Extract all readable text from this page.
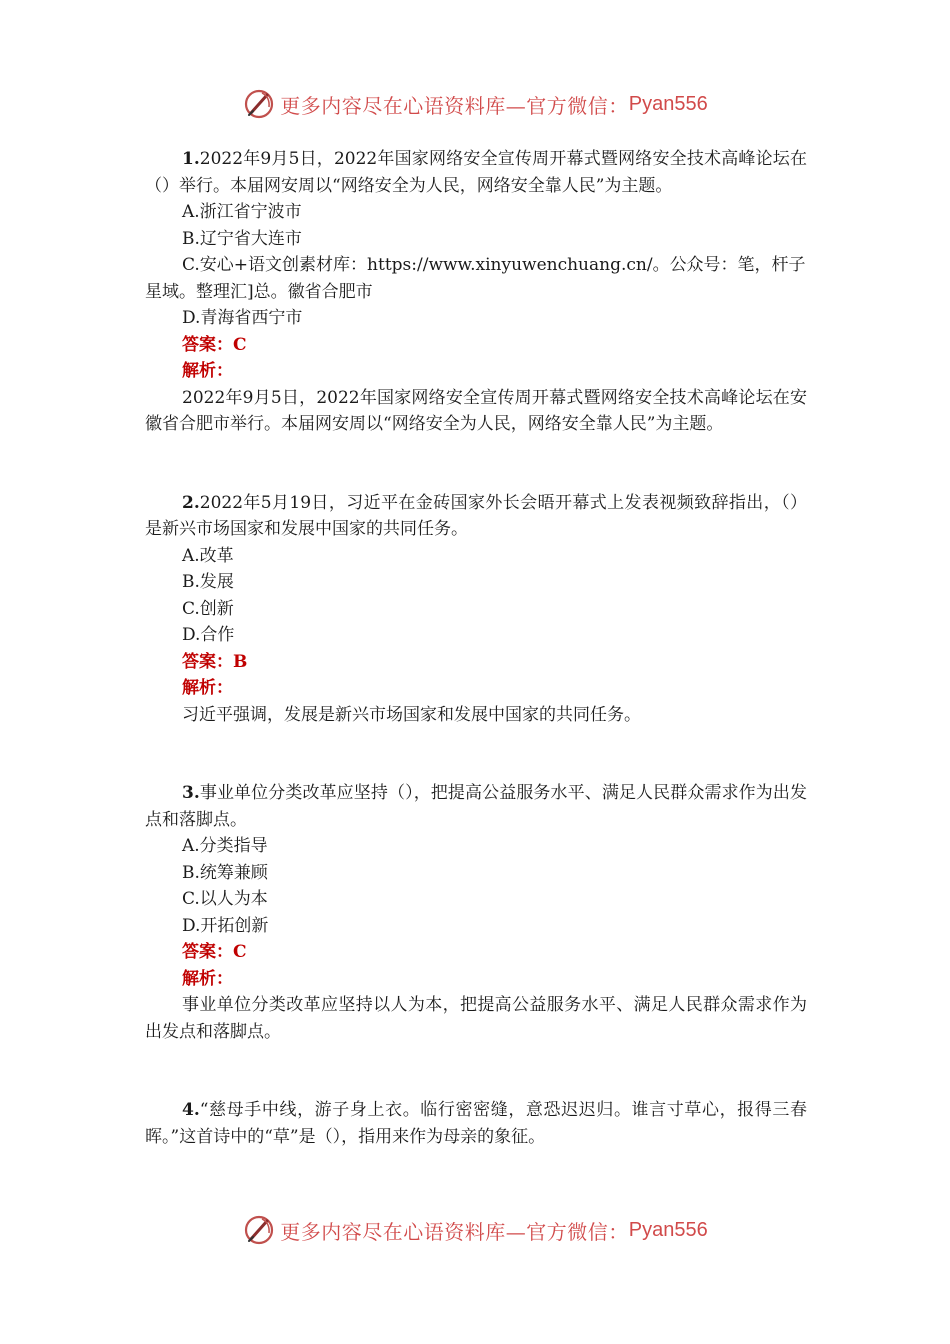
更多内容尽在心语资料库—官方微信： Pyan556

1.2022年9月5日，2022年国家网络安全宣传周开幕式暨网络安全技术高峰论坛在（）举行。本届网安周以“网络安全为人民，网络安全靠人民”为主题。

A.浙江省宁波市

B.辽宁省大连市

C.安心+语文创素材库：https://www.xinyuwenchuang.cn/。公众号：笔，杆子星域。整理汇]总。徽省合肥市

D.青海省西宁市

答案：C

解析：

2022年9月5日，2022年国家网络安全宣传周开幕式暨网络安全技术高峰论坛在安徽省合肥市举行。本届网安周以“网络安全为人民，网络安全靠人民”为主题。

2.2022年5月19日，习近平在金砖国家外长会晤开幕式上发表视频致辞指出，（）是新兴市场国家和发展中国家的共同任务。

A.改革

B.发展

C.创新

D.合作

答案：B

解析：

习近平强调，发展是新兴市场国家和发展中国家的共同任务。

3.事业单位分类改革应坚持（），把提高公益服务水平、满足人民群众需求作为出发点和落脚点。

A.分类指导

B.统筹兼顾

C.以人为本

D.开拓创新

答案：C

解析：

事业单位分类改革应坚持以人为本，把提高公益服务水平、满足人民群众需求作为出发点和落脚点。

4.“慈母手中线，游子身上衣。临行密密缝，意恐迟迟归。谁言寸草心，报得三春晖。”这首诗中的“草”是（），指用来作为母亲的象征。

更多内容尽在心语资料库—官方微信： Pyan556
